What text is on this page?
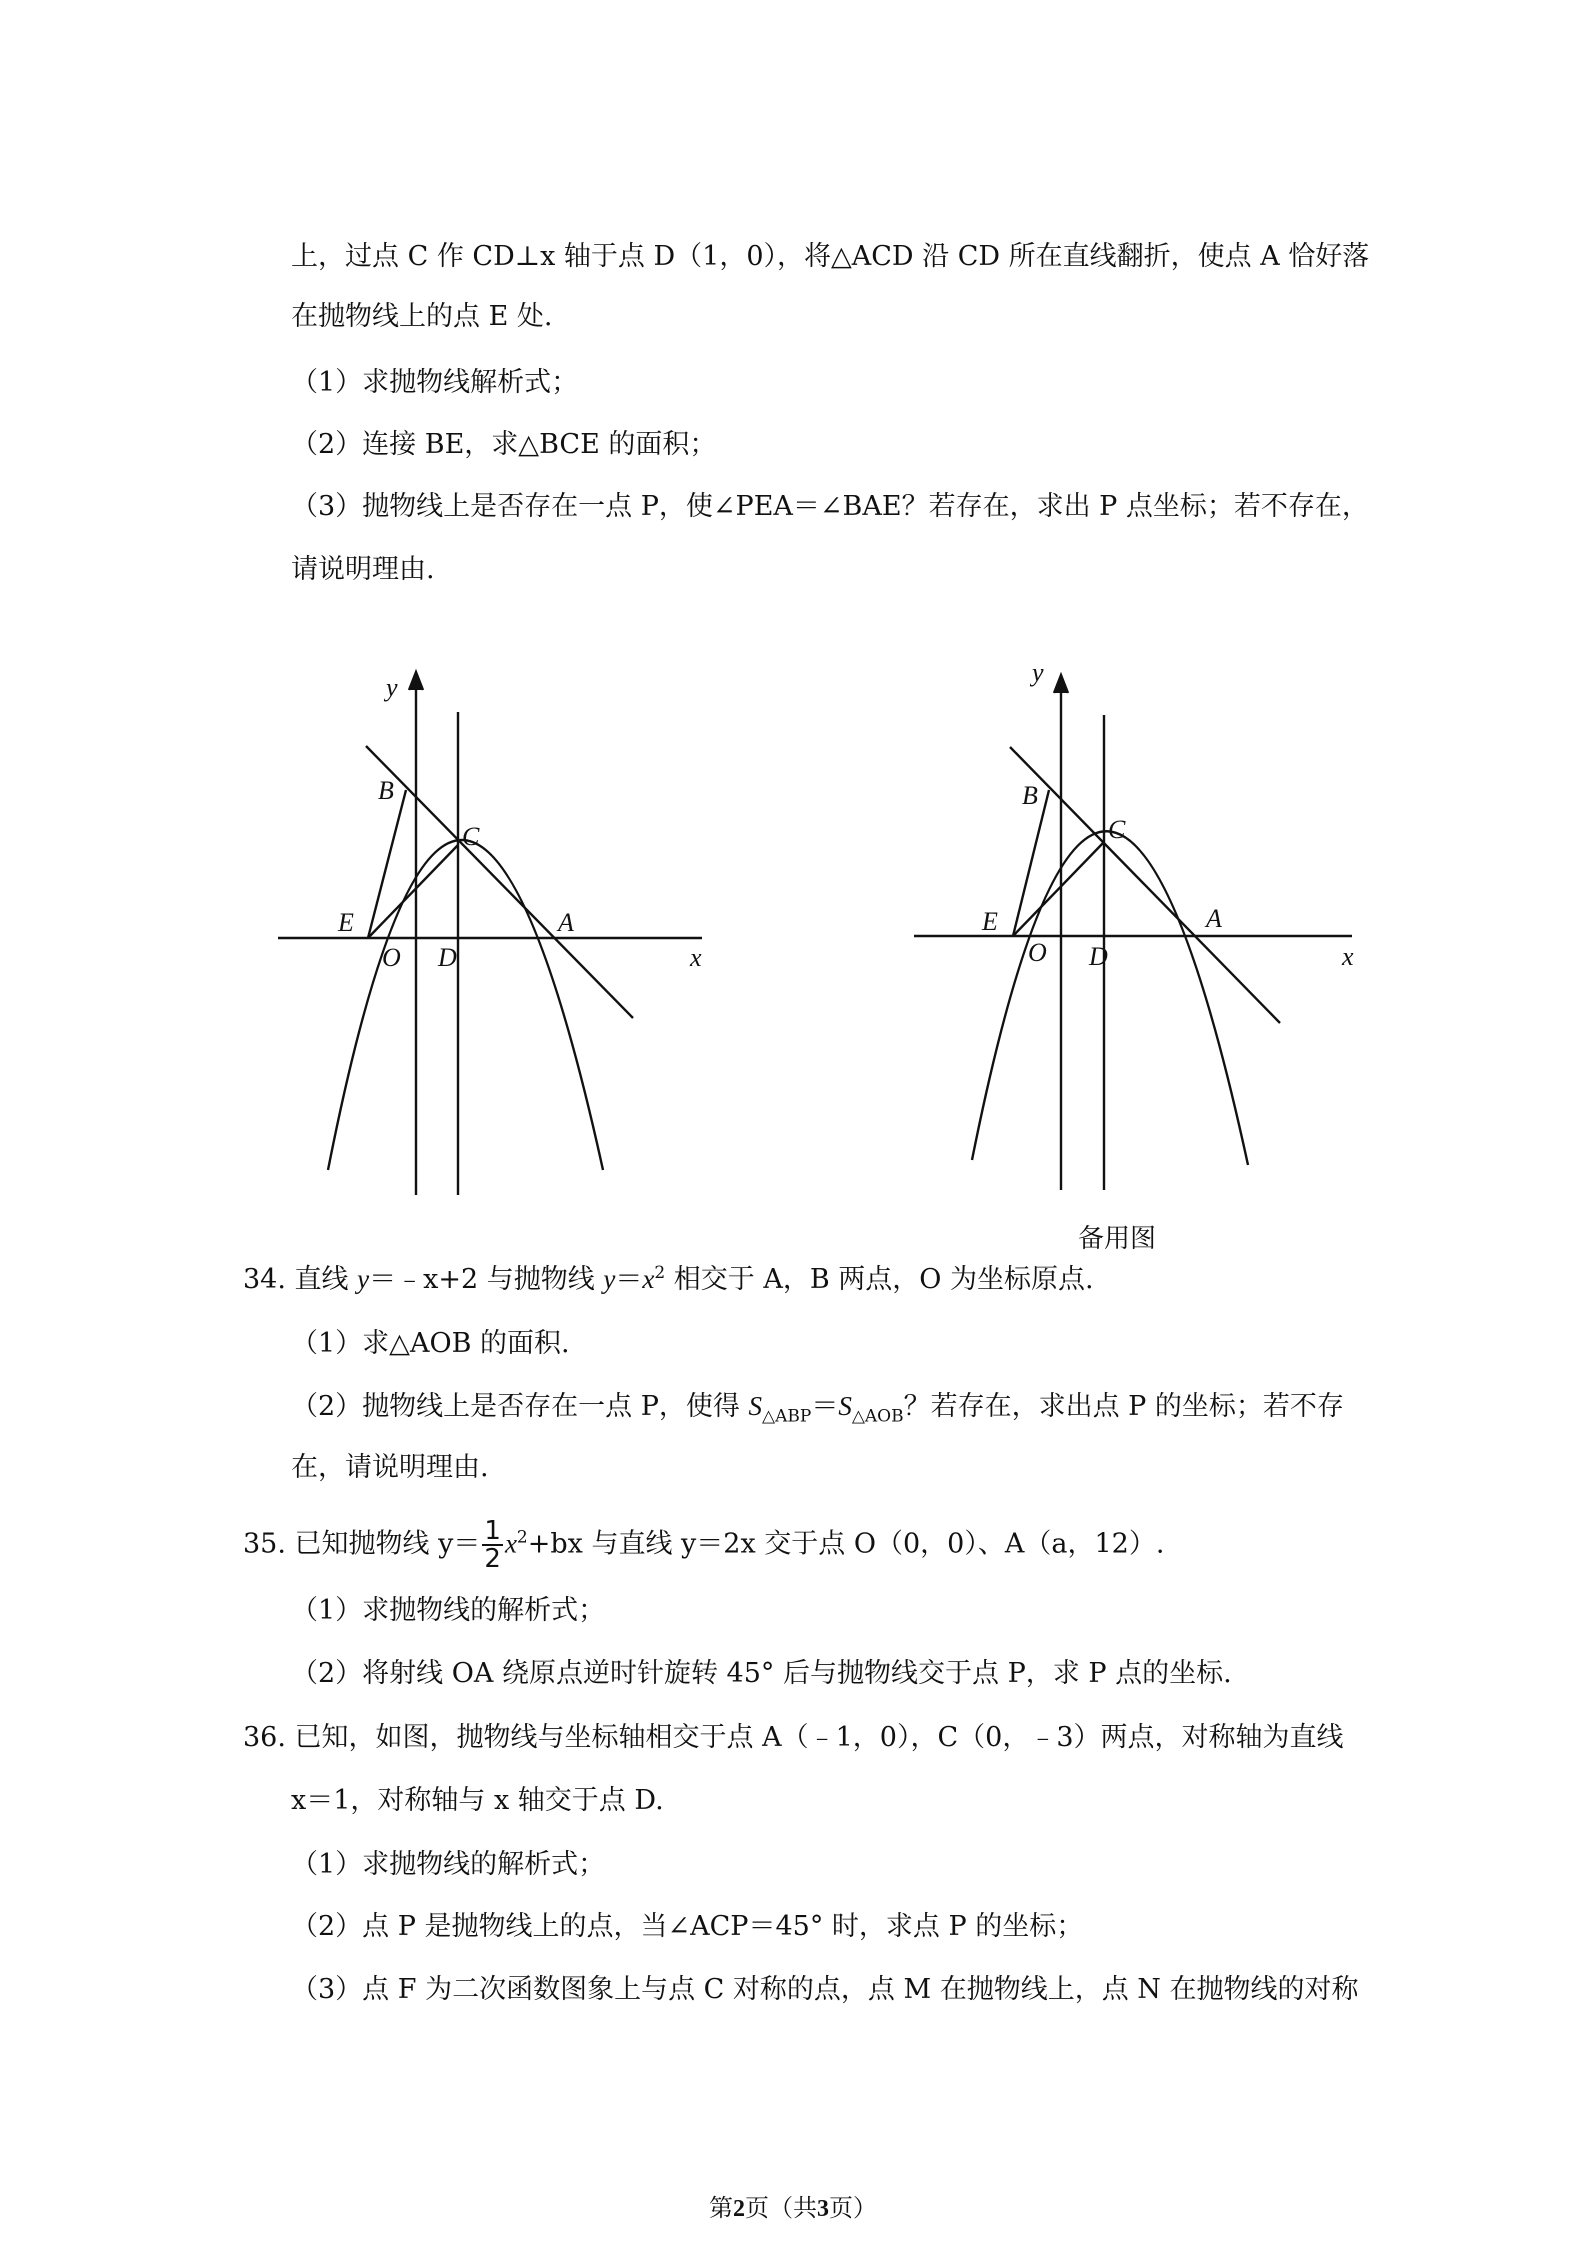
上，过点 C 作 CD⊥x 轴于点 D（1，0），将△ACD 沿 CD 所在直线翻折，使点 A 恰好落
在抛物线上的点 E 处.
（1）求抛物线解析式；
（2）连接 BE，求△BCE 的面积；
（3）抛物线上是否存在一点 P，使∠PEA＝∠BAE？若存在，求出 P 点坐标；若不存在，
请说明理由.
y
B
C
E	A
O D	x
y
B
C
E	A
O D	x
备用图
34. 直线 y＝﹣x+2 与抛物线 $y=x^2$ 相交于 A，B 两点，O 为坐标原点.
（1）求△AOB 的面积.
（2）抛物线上是否存在一点 P，使得 $S_{\triangle ABP}=S_{\triangle AOB}$？若存在，求出点 P 的坐标；若不存
在，请说明理由.
35. 已知抛物线 $y= \frac{1}{2} x^2+bx$ 与直线 y＝2x 交于点 O（0，0）、A（a，12）.
（1）求抛物线的解析式；
（2）将射线 OA 绕原点逆时针旋转 45° 后与抛物线交于点 P，求 P 点的坐标.
36. 已知，如图，抛物线与坐标轴相交于点 A（﹣1，0），C（0，﹣3）两点，对称轴为直线
x＝1，对称轴与 x 轴交于点 D.
（1）求抛物线的解析式；
（2）点 P 是抛物线上的点，当∠ACP＝45° 时，求点 P 的坐标；
（3）点 F 为二次函数图象上与点 C 对称的点，点 M 在抛物线上，点 N 在抛物线的对称
第2页（共3页）
